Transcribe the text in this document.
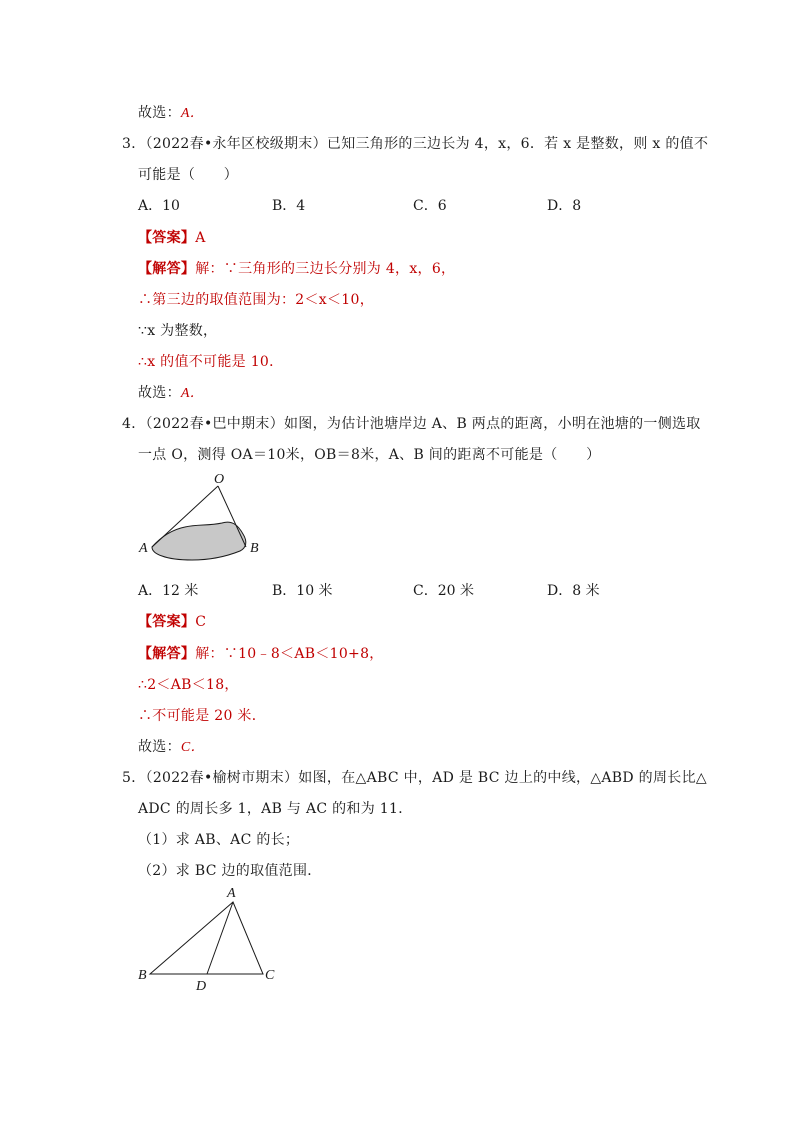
故选：A．
3．（2022春•永年区校级期末）已知三角形的三边长为 4，x，6．若 x 是整数，则 x 的值不
可能是（　　）
A．10	B．4	C．6	D．8
【答案】A
【解答】解：∵三角形的三边长分别为 4，x，6，
∴第三边的取值范围为：2＜x＜10，
∵x 为整数，
∴x 的值不可能是 10．
故选：A．
4．（2022春•巴中期末）如图，为估计池塘岸边 A、B 两点的距离，小明在池塘的一侧选取
一点 O，测得 OA＝10米，OB＝8米，A、B 间的距离不可能是（　　）
O
A	B
A．12 米	B．10 米	C．20 米	D．8 米
【答案】C
【解答】解：∵10﹣8＜AB＜10+8，
∴2＜AB＜18，
∴不可能是 20 米．
故选：C．
5．（2022春•榆树市期末）如图，在△ABC 中，AD 是 BC 边上的中线，△ABD 的周长比△
ADC 的周长多 1，AB 与 AC 的和为 11．
（1）求 AB、AC 的长；
（2）求 BC 边的取值范围．
A
B	C
D
